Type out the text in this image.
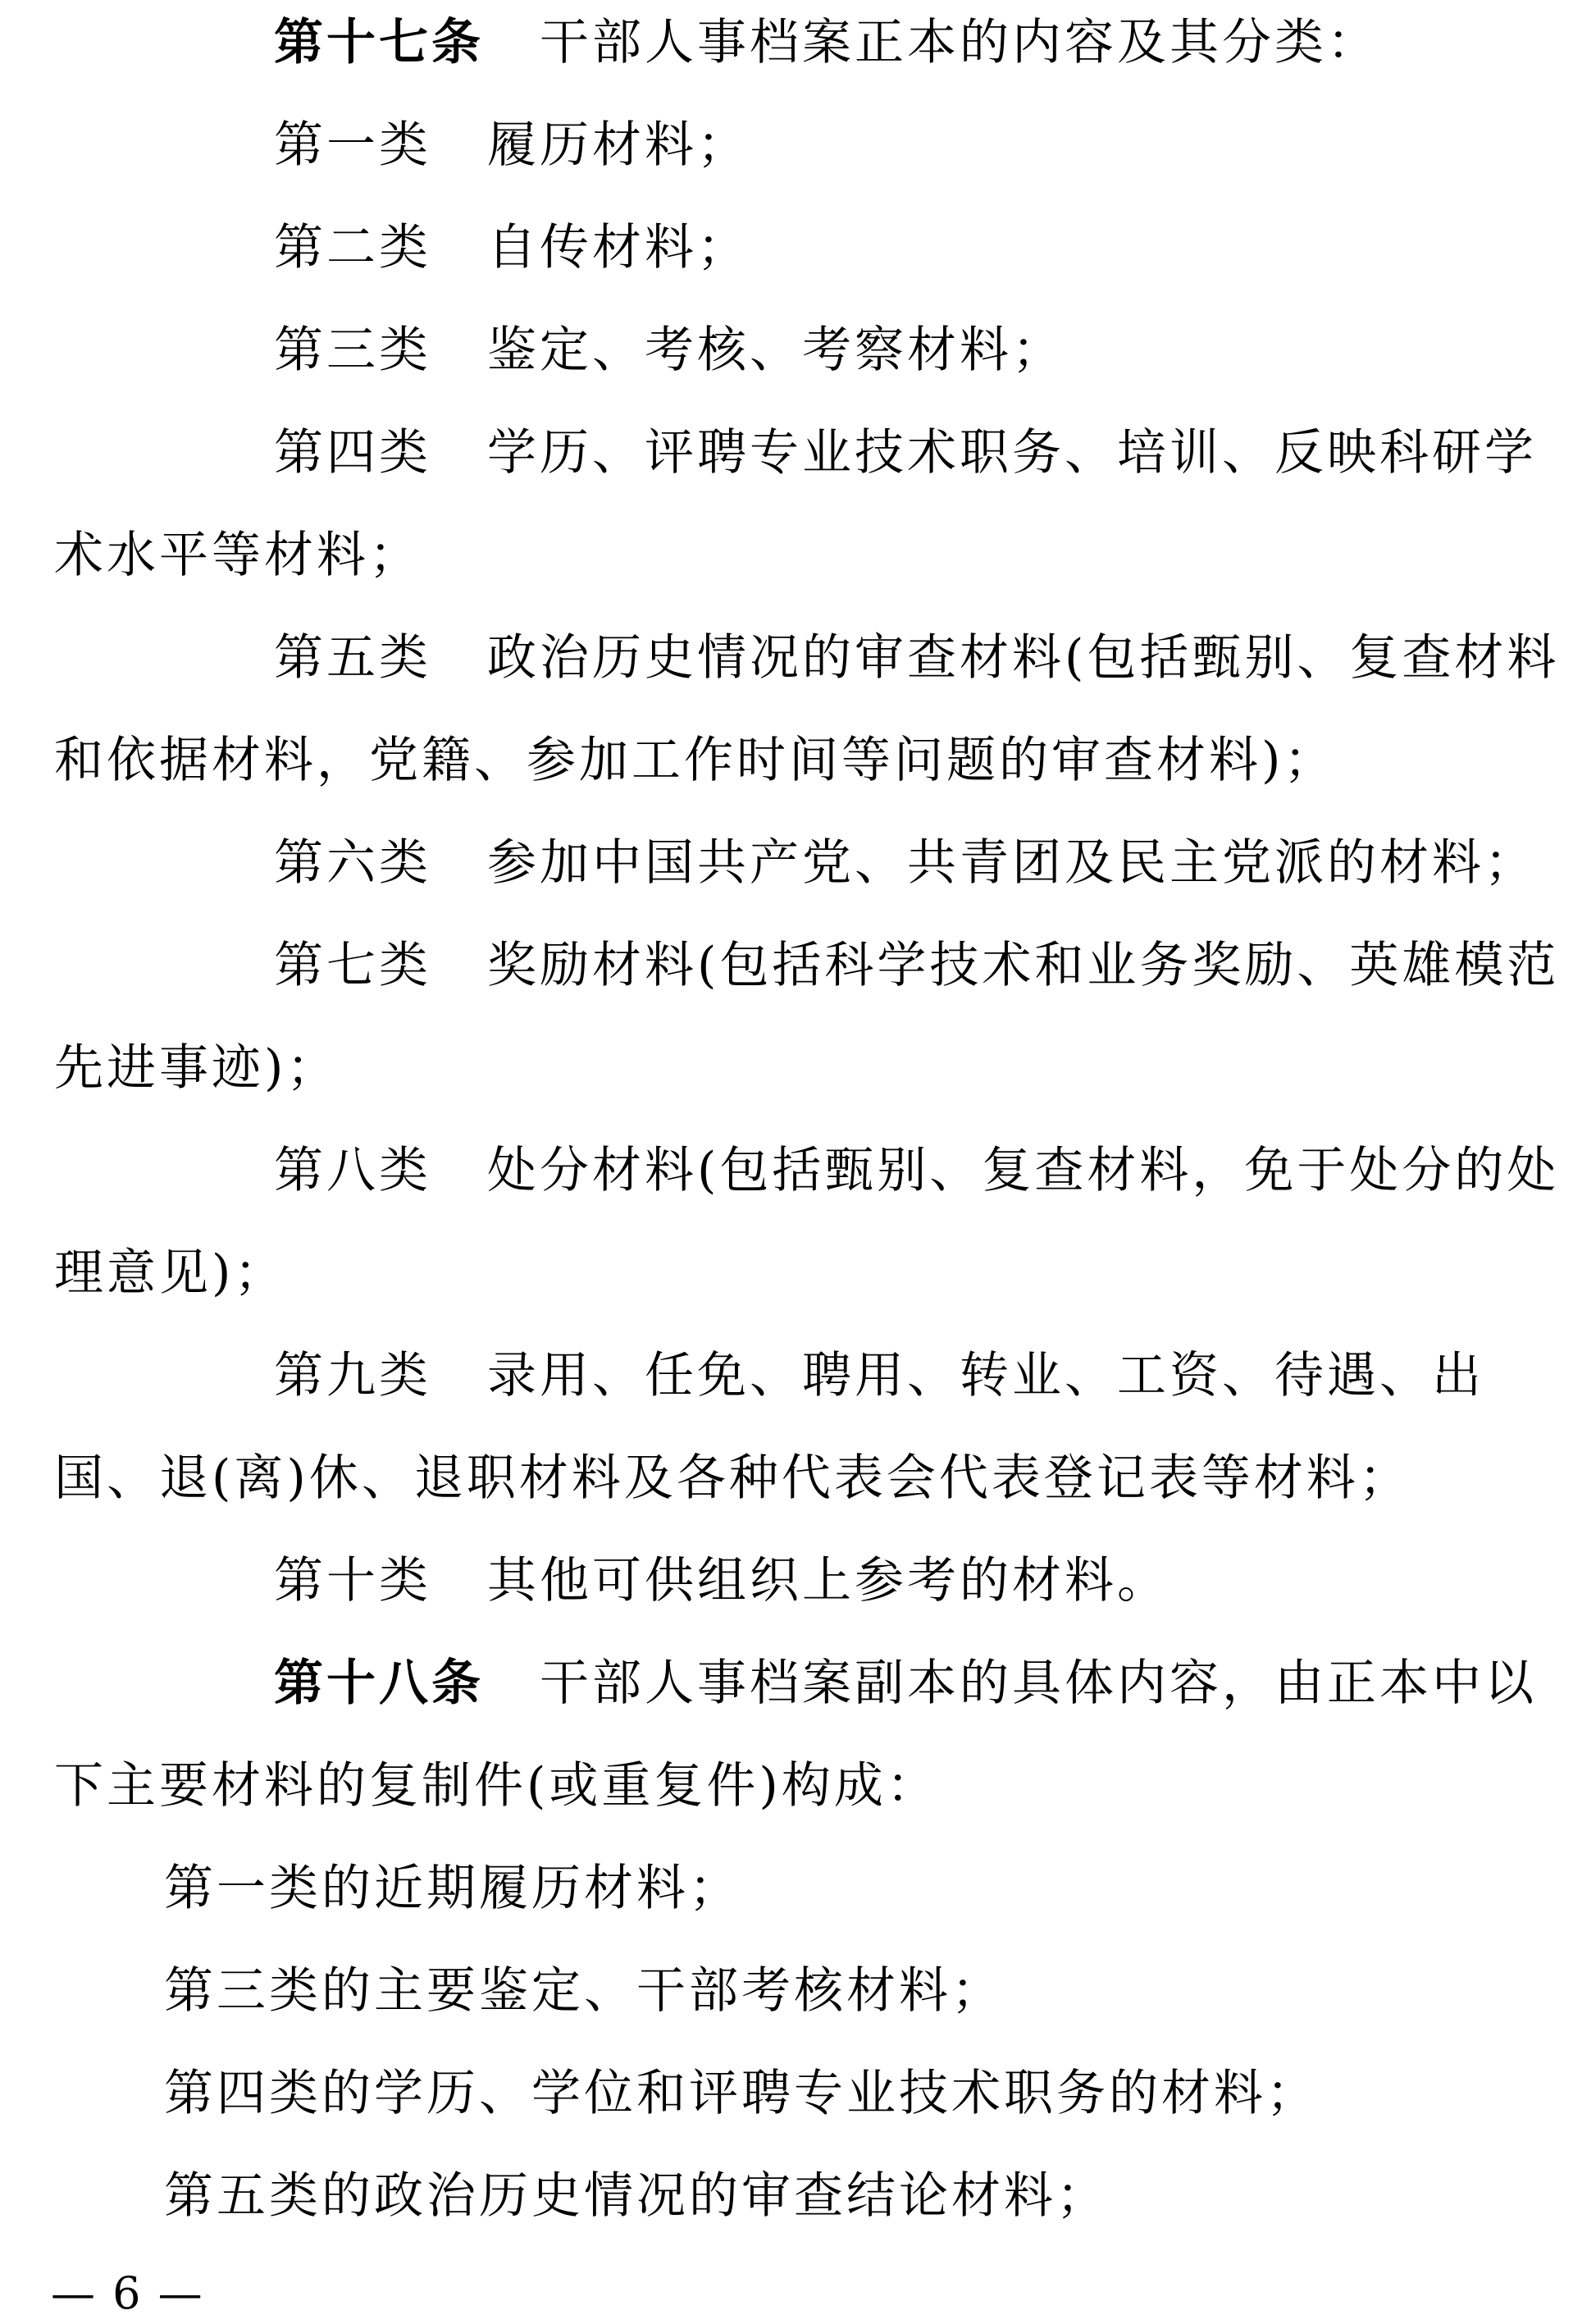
第十七条 干部人事档案正本的内容及其分类：
第一类 履历材料；
第二类 自传材料；
第三类 鉴定、考核、考察材料；
第四类 学历、评聘专业技术职务、培训、反映科研学术水平等材料；
第五类 政治历史情况的审查材料(包括甄别、复查材料和依据材料，党籍、参加工作时间等问题的审查材料)；
第六类 参加中国共产党、共青团及民主党派的材料；
第七类 奖励材料(包括科学技术和业务奖励、英雄模范先进事迹)；
第八类 处分材料(包括甄别、复查材料，免于处分的处理意见)；
第九类 录用、任免、聘用、转业、工资、待遇、出国、退(离)休、退职材料及各种代表会代表登记表等材料；
第十类 其他可供组织上参考的材料。
第十八条 干部人事档案副本的具体内容，由正本中以下主要材料的复制件(或重复件)构成：
第一类的近期履历材料；
第三类的主要鉴定、干部考核材料；
第四类的学历、学位和评聘专业技术职务的材料；
第五类的政治历史情况的审查结论材料；
— 6 —
